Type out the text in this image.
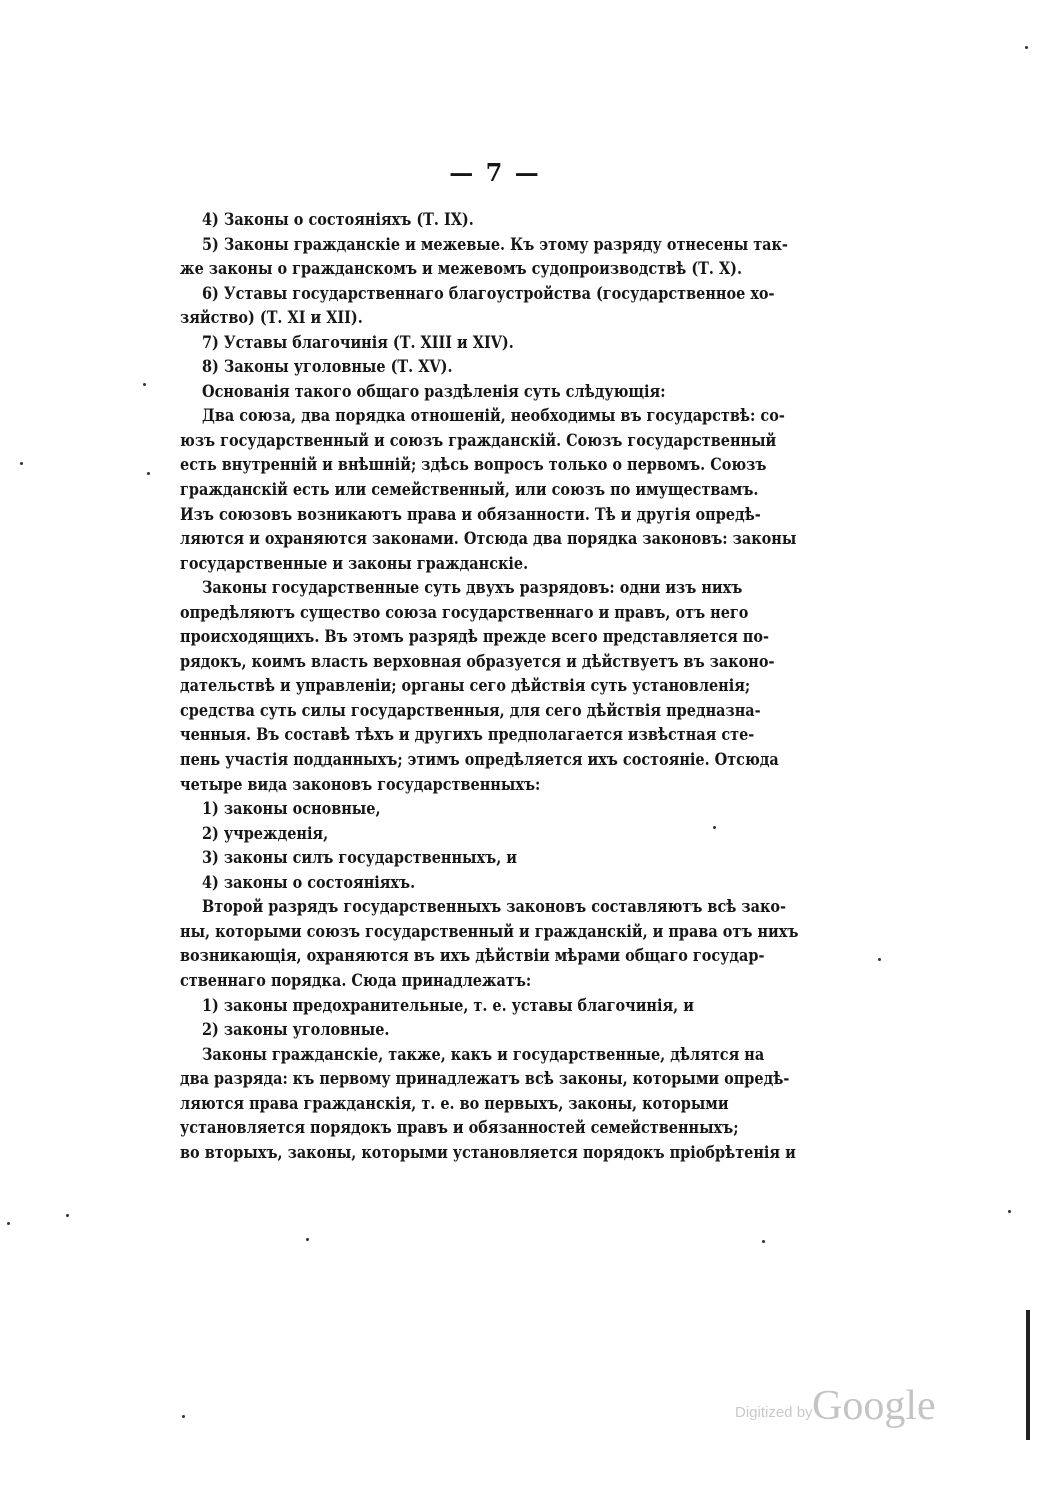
— 7 —
4) Законы о состояніяхъ (Т. IX).
5) Законы гражданскіе и межевые. Къ этому разряду отнесены так-
же законы о гражданскомъ и межевомъ судопроизводствѣ (Т. X).
6) Уставы государственнаго благоустройства (государственное хо-
зяйство) (Т. XI и XII).
7) Уставы благочинія (Т. XIII и XIV).
8) Законы уголовные (Т. XV).
Основанія такого общаго раздѣленія суть слѣдующія:
Два союза, два порядка отношеній, необходимы въ государствѣ: со-
юзъ государственный и союзъ гражданскій. Союзъ государственный
есть внутренній и внѣшній; здѣсь вопросъ только о первомъ. Союзъ
гражданскій есть или семейственный, или союзъ по имуществамъ.
Изъ союзовъ возникаютъ права и обязанности. Тѣ и другія опредѣ-
ляются и охраняются законами. Отсюда два порядка законовъ: законы
государственные и законы гражданскіе.
Законы государственные суть двухъ разрядовъ: одни изъ нихъ
опредѣляютъ существо союза государственнаго и правъ, отъ него
происходящихъ. Въ этомъ разрядѣ прежде всего представляется по-
рядокъ, коимъ власть верховная образуется и дѣйствуетъ въ законо-
дательствѣ и управленіи; органы сего дѣйствія суть установленія;
средства суть силы государственныя, для сего дѣйствія предназна-
ченныя. Въ составѣ тѣхъ и другихъ предполагается извѣстная сте-
пень участія подданныхъ; этимъ опредѣляется ихъ состояніе. Отсюда
четыре вида законовъ государственныхъ:
1) законы основные,
2) учрежденія,
3) законы силъ государственныхъ, и
4) законы о состояніяхъ.
Второй разрядъ государственныхъ законовъ составляютъ всѣ зако-
ны, которыми союзъ государственный и гражданскій, и права отъ нихъ
возникающія, охраняются въ ихъ дѣйствіи мѣрами общаго государ-
ственнаго порядка. Сюда принадлежатъ:
1) законы предохранительные, т. е. уставы благочинія, и
2) законы уголовные.
Законы гражданскіе, также, какъ и государственные, дѣлятся на
два разряда: къ первому принадлежатъ всѣ законы, которыми опредѣ-
ляются права гражданскія, т. е. во первыхъ, законы, которыми
установляется порядокъ правъ и обязанностей семейственныхъ;
во вторыхъ, законы, которыми установляется порядокъ пріобрѣтенія и
Digitized by Google
